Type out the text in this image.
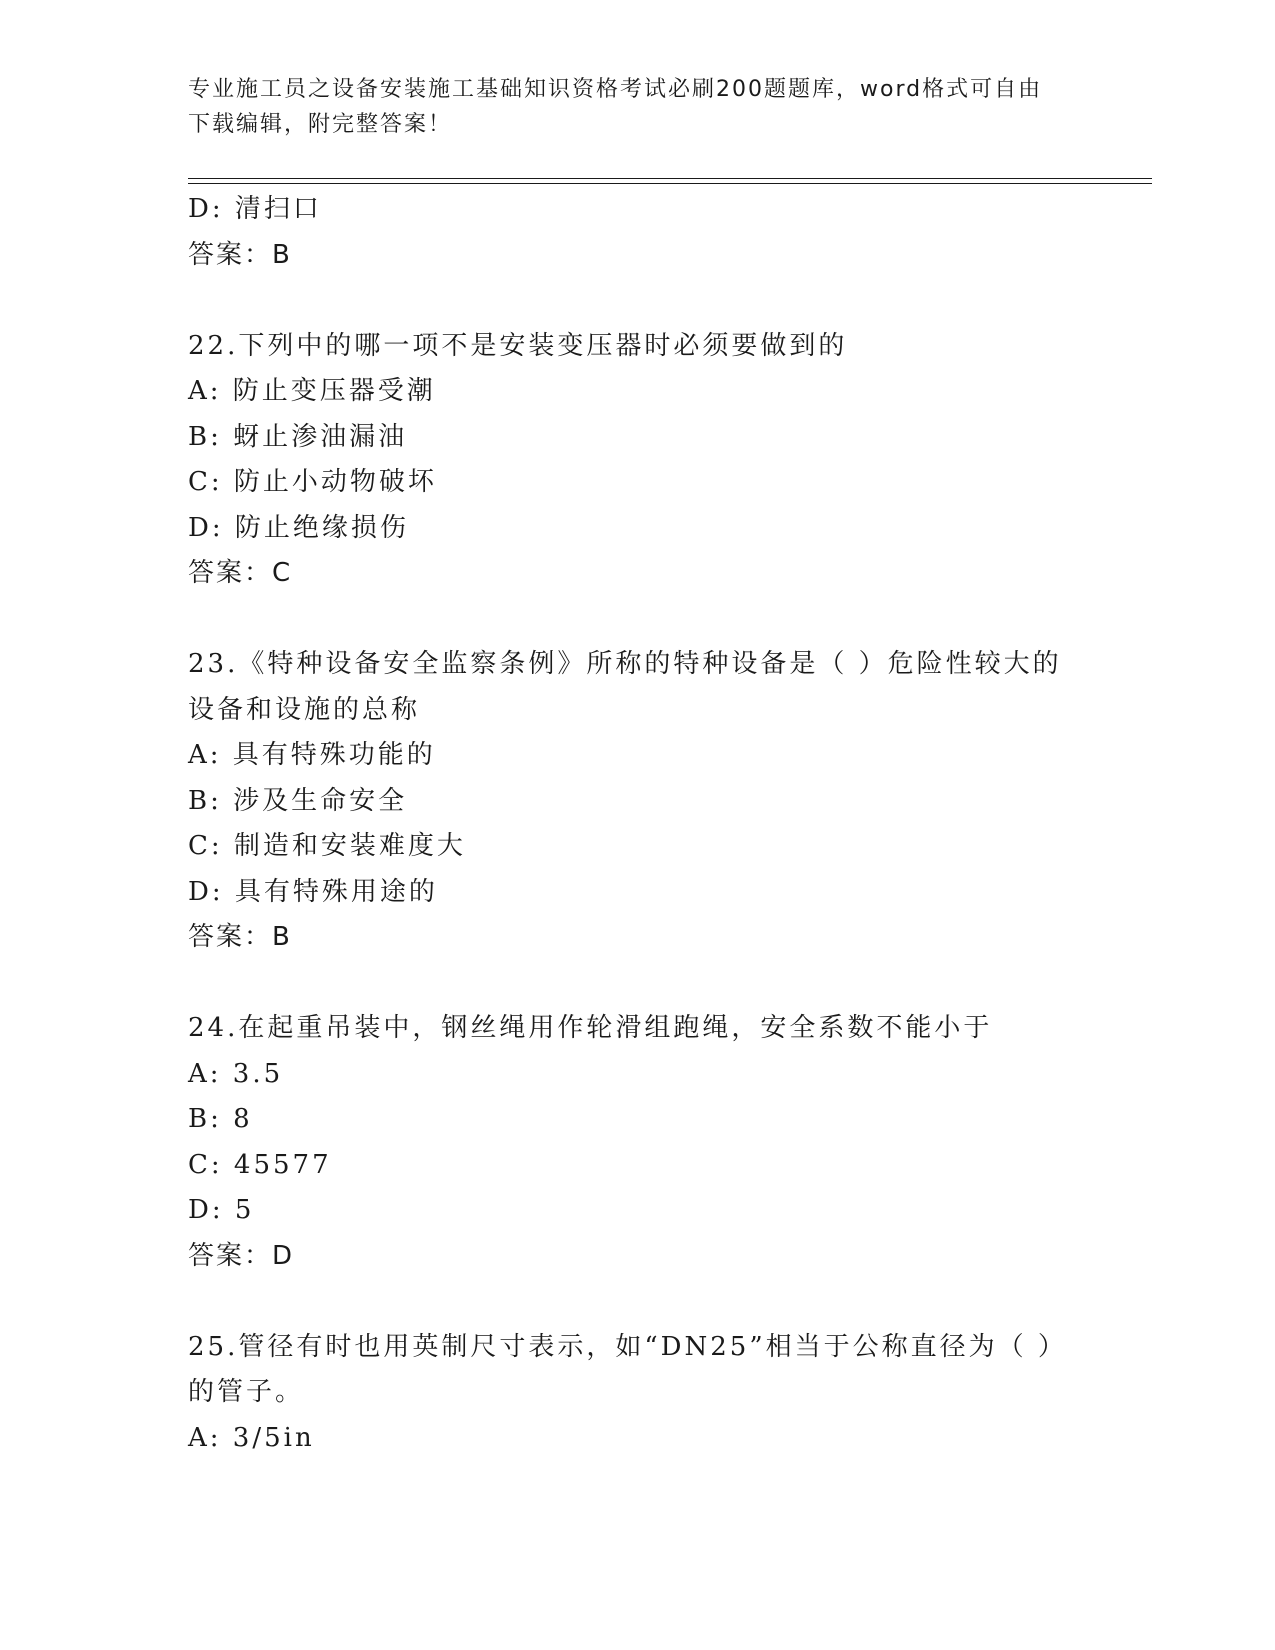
专业施工员之设备安装施工基础知识资格考试必刷200题题库，word格式可自由
下载编辑，附完整答案！
D: 清扫口
答案：B
22.下列中的哪一项不是安装变压器时必须要做到的
A: 防止变压器受潮
B: 蚜止渗油漏油
C: 防止小动物破坏
D: 防止绝缘损伤
答案：C
23.《特种设备安全监察条例》所称的特种设备是（ ）危险性较大的
设备和设施的总称
A: 具有特殊功能的
B: 涉及生命安全
C: 制造和安装难度大
D: 具有特殊用途的
答案：B
24.在起重吊装中，钢丝绳用作轮滑组跑绳，安全系数不能小于
A: 3.5
B: 8
C: 45577
D: 5
答案：D
25.管径有时也用英制尺寸表示，如“DN25”相当于公称直径为（ ）
的管子。
A: 3/5in
